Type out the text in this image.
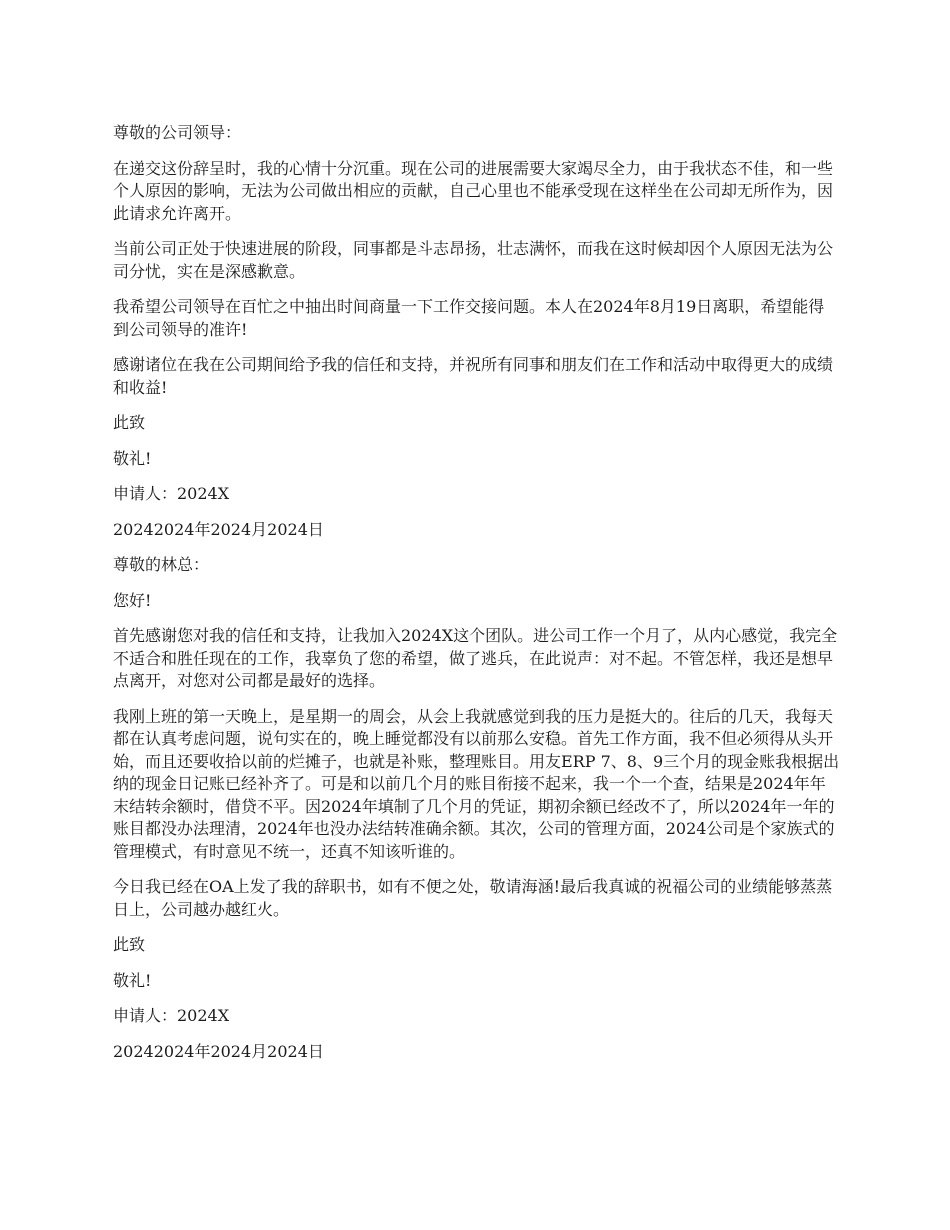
尊敬的公司领导：

在递交这份辞呈时，我的心情十分沉重。现在公司的进展需要大家竭尽全力，由于我状态不佳，和一些个人原因的影响，无法为公司做出相应的贡献，自己心里也不能承受现在这样坐在公司却无所作为，因此请求允许离开。

当前公司正处于快速进展的阶段，同事都是斗志昂扬，壮志满怀，而我在这时候却因个人原因无法为公司分忧，实在是深感歉意。

我希望公司领导在百忙之中抽出时间商量一下工作交接问题。本人在2024年8月19日离职，希望能得到公司领导的准许!

感谢诸位在我在公司期间给予我的信任和支持，并祝所有同事和朋友们在工作和活动中取得更大的成绩和收益!

此致

敬礼!

申请人：2024X

20242024年2024月2024日

尊敬的林总：

您好!

首先感谢您对我的信任和支持，让我加入2024X这个团队。进公司工作一个月了，从内心感觉，我完全不适合和胜任现在的工作，我辜负了您的希望，做了逃兵，在此说声：对不起。不管怎样，我还是想早点离开，对您对公司都是最好的选择。

我刚上班的第一天晚上，是星期一的周会，从会上我就感觉到我的压力是挺大的。往后的几天，我每天都在认真考虑问题，说句实在的，晚上睡觉都没有以前那么安稳。首先工作方面，我不但必须得从头开始，而且还要收拾以前的烂摊子，也就是补账，整理账目。用友ERP 7、8、9三个月的现金账我根据出纳的现金日记账已经补齐了。可是和以前几个月的账目衔接不起来，我一个一个查，结果是2024年年末结转余额时，借贷不平。因2024年填制了几个月的凭证，期初余额已经改不了，所以2024年一年的账目都没办法理清，2024年也没办法结转准确余额。其次，公司的管理方面，2024公司是个家族式的管理模式，有时意见不统一，还真不知该听谁的。

今日我已经在OA上发了我的辞职书，如有不便之处，敬请海涵!最后我真诚的祝福公司的业绩能够蒸蒸日上，公司越办越红火。

此致

敬礼!

申请人：2024X

20242024年2024月2024日
